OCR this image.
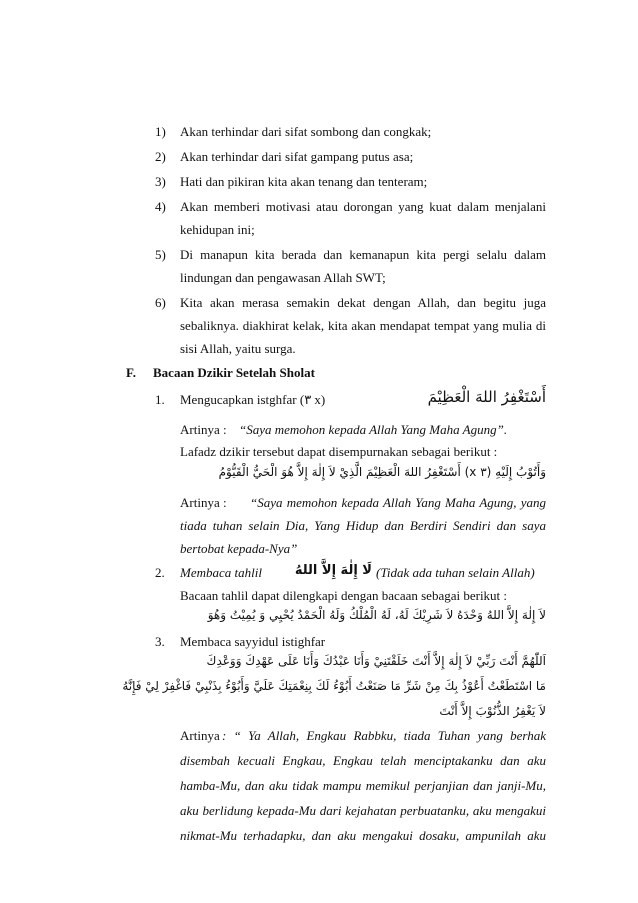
1) Akan terhindar dari sifat sombong dan congkak;
2) Akan terhindar dari sifat gampang putus asa;
3) Hati dan pikiran kita akan tenang dan tenteram;
4) Akan memberi motivasi atau dorongan yang kuat dalam menjalani
kehidupan ini;
5) Di manapun kita berada dan kemanapun kita pergi selalu dalam
lindungan dan pengawasan Allah SWT;
6) Kita akan merasa semakin dekat dengan Allah, dan begitu juga
sebaliknya. diakhirat kelak, kita akan mendapat tempat yang mulia di
sisi Allah, yaitu surga.
F. Bacaan Dzikir Setelah Sholat
1. Mengucapkan istghfar (٣ x)	أَسْتَغْفِرُ اللهَ الْعَظِيْمَ
Artinya : “Saya memohon kepada Allah Yang Maha Agung”.
Lafadz dzikir tersebut dapat disempurnakan sebagai berikut :
وَأَتُوْبُ إِلَيْهِ (٣ x) أَسْتَغْفِرُ اللهَ الْعَظِيْمَ الَّذِيْ لاَ إِلٰهَ إِلاَّ هُوَ الْحَيُّ الْقَيُّوْمُ
Artinya : “Saya memohon kepada Allah Yang Maha Agung, yang
tiada tuhan selain Dia, Yang Hidup dan Berdiri Sendiri dan saya
bertobat kepada-Nya”
2. Membaca tahlil	لَا إِلٰهَ إِلاَّ اللهُ (Tidak ada tuhan selain Allah)
Bacaan tahlil dapat dilengkapi dengan bacaan sebagai berikut :
لاَ إِلٰهَ إِلاَّ اللهُ وَحْدَهُ لاَ شَرِيْكَ لَهُ، لَهُ الْمُلْكُ وَلَهُ الْحَمْدُ يُحْيِي وَ يُمِيْتُ وَهُوَ
3. Membaca sayyidul istighfar
اَللّٰهُمَّ أَنْتَ رَبِّيْ لاَ إِلٰهَ إِلاَّ أَنْتَ خَلَقْتَنِيْ وَأَنَا عَبْدُكَ وَأَنَا عَلَى عَهْدِكَ وَوَعْدِكَ
مَا اسْتَطَعْتُ أَعُوْذُ بِكَ مِنْ شَرِّ مَا صَنَعْتُ أَبُوْءُ لَكَ بِنِعْمَتِكَ عَلَيَّ وَأَبُوْءُ بِذَنْبِيْ فَاغْفِرْ لِيْ فَإِنَّهُ
لاَ يَغْفِرُ الذُّنُوْبَ إِلاَّ أَنْتَ
Artinya : “ Ya Allah, Engkau Rabbku, tiada Tuhan yang berhak
disembah kecuali Engkau, Engkau telah menciptakanku dan aku
hamba-Mu, dan aku tidak mampu memikul perjanjian dan janji-Mu,
aku berlidung kepada-Mu dari kejahatan perbuatanku, aku mengakui
nikmat-Mu terhadapku, dan aku mengakui dosaku, ampunilah aku
